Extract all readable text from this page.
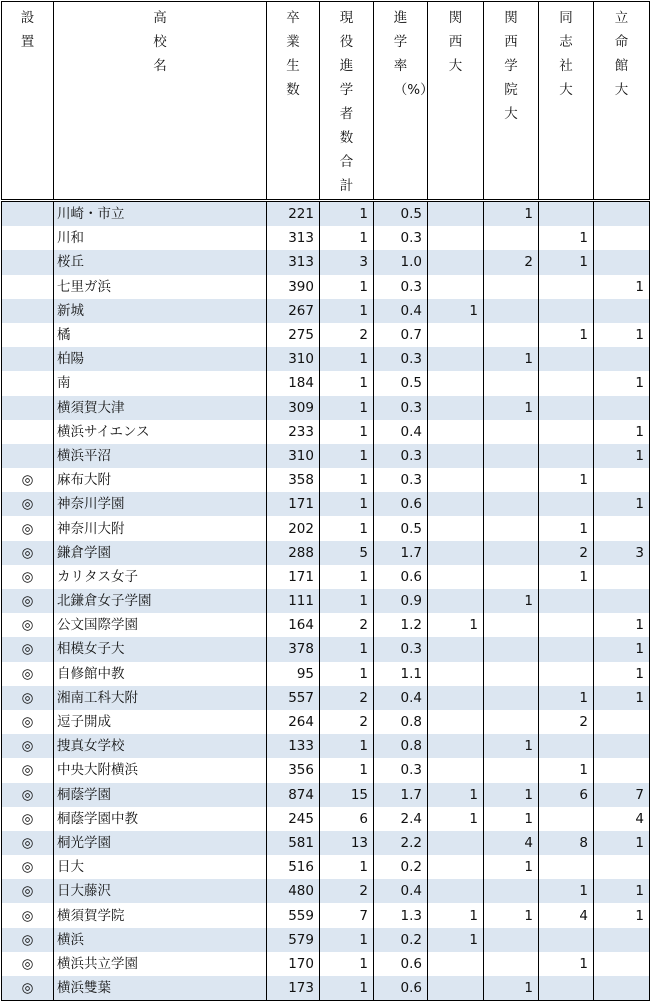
設置	高校名	卒業生数	現役進学者数合計	進学率（%）	関西大	関西学院大	同志社大	立命館大
	川崎・市立	221	1	0.5		1		
	川和	313	1	0.3			1	
	桜丘	313	3	1.0		2	1	
	七里ガ浜	390	1	0.3				1
	新城	267	1	0.4	1			
	橘	275	2	0.7			1	1
	柏陽	310	1	0.3		1		
	南	184	1	0.5				1
	横須賀大津	309	1	0.3		1		
	横浜サイエンス	233	1	0.4				1
	横浜平沼	310	1	0.3				1
◎	麻布大附	358	1	0.3			1	
◎	神奈川学園	171	1	0.6				1
◎	神奈川大附	202	1	0.5			1	
◎	鎌倉学園	288	5	1.7			2	3
◎	カリタス女子	171	1	0.6			1	
◎	北鎌倉女子学園	111	1	0.9		1		
◎	公文国際学園	164	2	1.2	1			1
◎	相模女子大	378	1	0.3				1
◎	自修館中教	95	1	1.1				1
◎	湘南工科大附	557	2	0.4			1	1
◎	逗子開成	264	2	0.8			2	
◎	捜真女学校	133	1	0.8		1		
◎	中央大附横浜	356	1	0.3			1	
◎	桐蔭学園	874	15	1.7	1	1	6	7
◎	桐蔭学園中教	245	6	2.4	1	1		4
◎	桐光学園	581	13	2.2		4	8	1
◎	日大	516	1	0.2		1		
◎	日大藤沢	480	2	0.4			1	1
◎	横須賀学院	559	7	1.3	1	1	4	1
◎	横浜	579	1	0.2	1			
◎	横浜共立学園	170	1	0.6			1	
◎	横浜雙葉	173	1	0.6		1		
